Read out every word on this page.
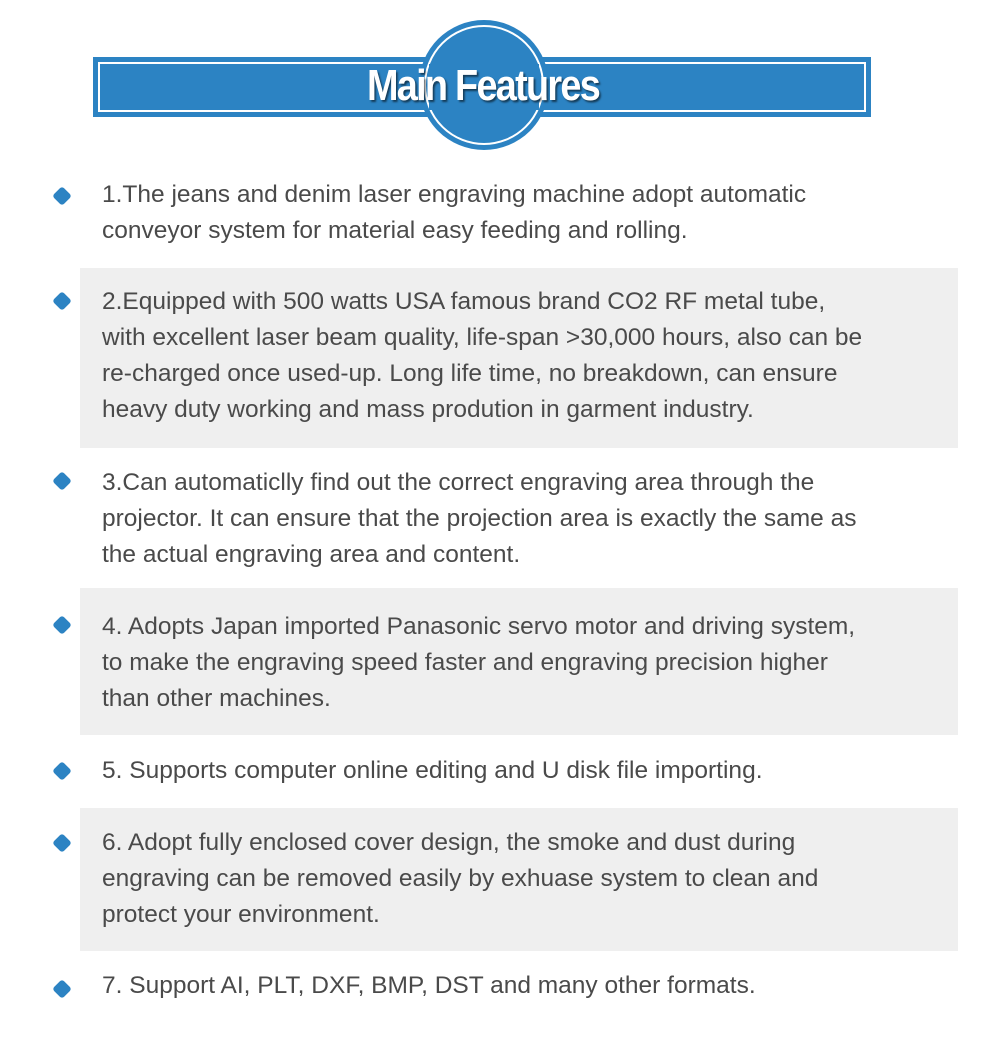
Main Features

1.The jeans and denim laser engraving machine adopt automatic
conveyor system for material easy feeding and rolling.

2.Equipped with 500 watts USA famous brand CO2 RF metal tube,
with excellent laser beam quality, life-span >30,000 hours, also can be
re-charged once used-up. Long life time, no breakdown, can ensure
heavy duty working and mass prodution in garment industry.

3.Can automaticlly find out the correct engraving area through the
projector. It can ensure that the projection area is exactly the same as
the actual engraving area and content.

4. Adopts Japan imported Panasonic servo motor and driving system,
to make the engraving speed faster and engraving precision higher
than other machines.

5. Supports computer online editing and U disk file importing.

6. Adopt fully enclosed cover design, the smoke and dust during
engraving can be removed easily by exhuase system to clean and
protect your environment.

7. Support AI, PLT, DXF, BMP, DST and many other formats.
